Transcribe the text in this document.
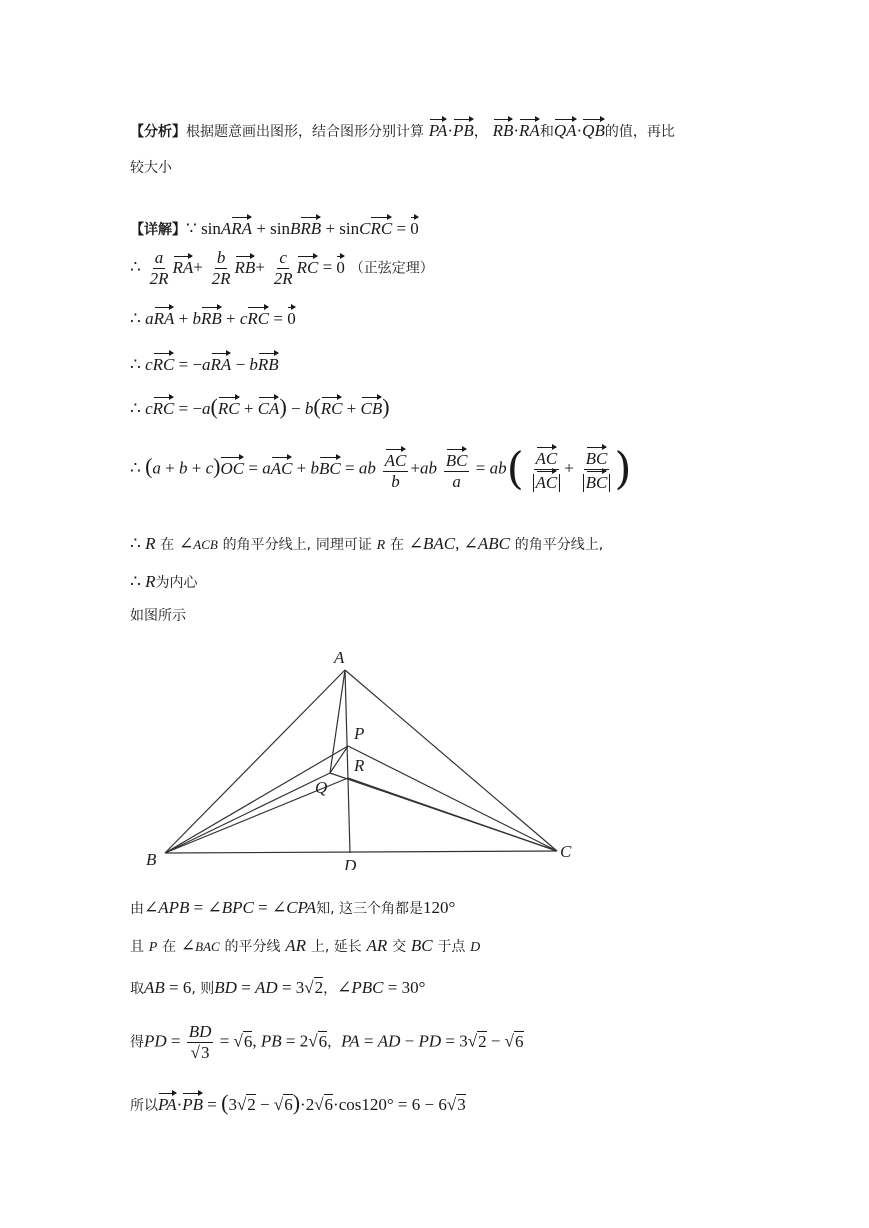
【分析】根据题意画出图形，结合图形分别计算 PA·PB， RB·RA和QA·QB的值，再比
较大小
【详解】∵ sinARA + sinBRB + sinCRC = 0
∴ $\frac{a}{2R} RA+ \frac{b}{2R} RB+ \frac{c}{2R}$ RC = 0 （正弦定理）
∴ aRA + bRB + cRC = 0
∴ cRC = −aRA − bRB
∴ cRC = −a(RC + CA) − b(RC + CB)
∴ (a + b + c)OC = aAC + bBC = ab $\frac{AC}{b} +ab \frac{BC}{a} = ab( \frac{AC}{AC} + \frac{BC}{BC}$ )
∴ R 在 ∠ACB 的角平分线上, 同理可证 R 在 ∠BAC, ∠ABC 的角平分线上,
∴ R为内心
如图所示
A
B	C
D
P
Q
R
由∠APB = ∠BPC = ∠CPA知, 这三个角都是120°
且 P 在 ∠BAC 的平分线 AR 上, 延长 AR 交 BC 于点 D
取AB = 6, 则BD = AD = 3√2，∠PBC = 30°
得PD = $\frac{BD}{√3} = √6$, PB = 2√6，PA = AD − PD = 3√2 − √6
所以PA·PB = (3√2 − √6)·2√6·cos120° = 6 − 6√3
